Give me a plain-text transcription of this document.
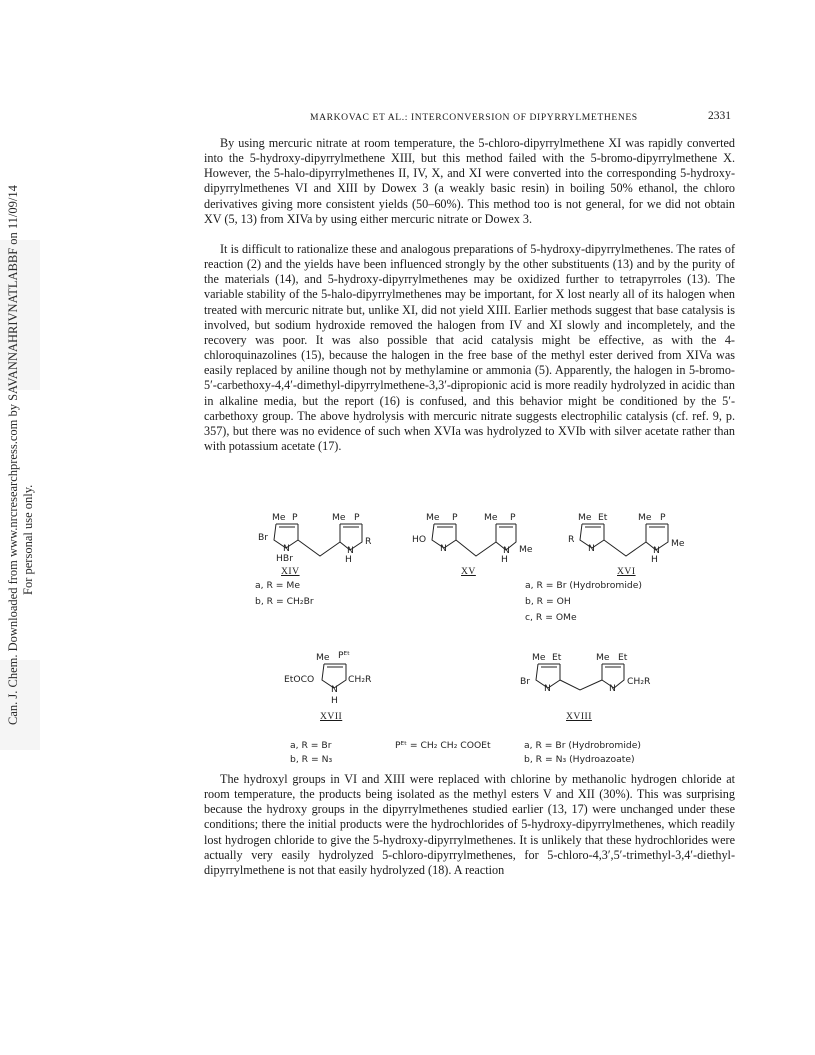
Can. J. Chem. Downloaded from www.nrcresearchpress.com by SAVANNAHRIVNATLABBF on 11/09/14 For personal use only.
MARKOVAC ET AL.: INTERCONVERSION OF DIPYRRYLMETHENES	2331

By using mercuric nitrate at room temperature, the 5-chloro-dipyrrylmethene XI was rapidly converted into the 5-hydroxy-dipyrrylmethene XIII, but this method failed with the 5-bromo-dipyrrylmethene X. However, the 5-halo-dipyrrylmethenes II, IV, X, and XI were converted into the corresponding 5-hydroxy-dipyrrylmethenes VI and XIII by Dowex 3 (a weakly basic resin) in boiling 50% ethanol, the chloro derivatives giving more consistent yields (50–60%). This method too is not general, for we did not obtain XV (5, 13) from XIVa by using either mercuric nitrate or Dowex 3.

It is difficult to rationalize these and analogous preparations of 5-hydroxy-dipyrrylmethenes. The rates of reaction (2) and the yields have been influenced strongly by the other substituents (13) and by the purity of the materials (14), and 5-hydroxy-dipyrrylmethenes may be oxidized further to tetrapyrroles (13). The variable stability of the 5-halo-dipyrrylmethenes may be important, for X lost nearly all of its halogen when treated with mercuric nitrate but, unlike XI, did not yield XIII. Earlier methods suggest that base catalysis is involved, but sodium hydroxide removed the halogen from IV and XI slowly and incompletely, and the recovery was poor. It was also possible that acid catalysis might be effective, as with the 4-chloroquinazolines (15), because the halogen in the free base of the methyl ester derived from XIVa was easily replaced by aniline though not by methylamine or ammonia (5). Apparently, the halogen in 5-bromo-5′-carbethoxy-4,4′-dimethyl-dipyrrylmethene-3,3′-dipropionic acid is more readily hydrolyzed in acidic than in alkaline media, but the report (16) is confused, and this behavior might be conditioned by the 5′-carbethoxy group. The above hydrolysis with mercuric nitrate suggests electrophilic catalysis (cf. ref. 9, p. 357), but there was no evidence of such when XVIa was hydrolyzed to XVIb with silver acetate rather than with potassium acetate (17).

Me P	Me P
Br	R
N	N
HBr	H
XIV
a, R = Me
b, R = CH₂Br
Me P	Me P
HO
Me
N	N
H
XV
Me Et	Me P
R	Me
N	N
H
XVI
a, R = Br (Hydrobromide)
b, R = OH
c, R = OMe
Me Pᴱᵗ
EtOCO	CH₂R
N
H
XVII
a, R = Br
b, R = N₃
Pᴱᵗ = CH₂ CH₂ COOEt
Me Et	Me Et
Br	CH₂R
N	N
XVIII
a, R = Br (Hydrobromide)
b, R = N₃ (Hydroazoate)

The hydroxyl groups in VI and XIII were replaced with chlorine by methanolic hydrogen chloride at room temperature, the products being isolated as the methyl esters V and XII (30%). This was surprising because the hydroxy groups in the dipyrrylmethenes studied earlier (13, 17) were unchanged under these conditions; there the initial products were the hydrochlorides of 5-hydroxy-dipyrrylmethenes, which readily lost hydrogen chloride to give the 5-hydroxy-dipyrrylmethenes. It is unlikely that these hydrochlorides were actually very easily hydrolyzed 5-chloro-dipyrrylmethenes, for 5-chloro-4,3′,5′-trimethyl-3,4′-diethyl-dipyrrylmethene is not that easily hydrolyzed (18). A reaction
